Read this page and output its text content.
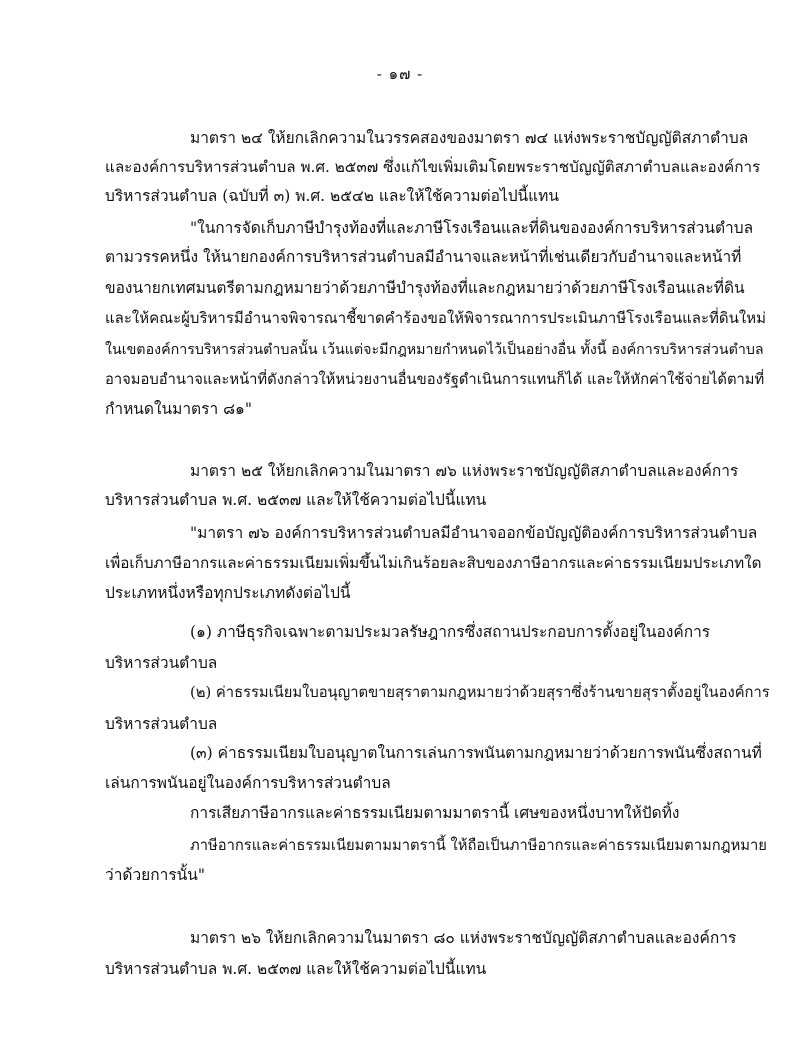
- ๑๗ -
มาตรา ๒๔ ให้ยกเลิกความในวรรคสองของมาตรา ๗๔ แห่งพระราชบัญญัติสภาตำบล
และองค์การบริหารส่วนตำบล พ.ศ. ๒๕๓๗ ซึ่งแก้ไขเพิ่มเติมโดยพระราชบัญญัติสภาตำบลและองค์การ
บริหารส่วนตำบล (ฉบับที่ ๓) พ.ศ. ๒๕๔๒ และให้ใช้ความต่อไปนี้แทน
"ในการจัดเก็บภาษีบำรุงท้องที่และภาษีโรงเรือนและที่ดินขององค์การบริหารส่วนตำบล
ตามวรรคหนึ่ง ให้นายกองค์การบริหารส่วนตำบลมีอำนาจและหน้าที่เช่นเดียวกับอำนาจและหน้าที่
ของนายกเทศมนตรีตามกฎหมายว่าด้วยภาษีบำรุงท้องที่และกฎหมายว่าด้วยภาษีโรงเรือนและที่ดิน
และให้คณะผู้บริหารมีอำนาจพิจารณาชี้ขาดคำร้องขอให้พิจารณาการประเมินภาษีโรงเรือนและที่ดินใหม่
ในเขตองค์การบริหารส่วนตำบลนั้น เว้นแต่จะมีกฎหมายกำหนดไว้เป็นอย่างอื่น ทั้งนี้ องค์การบริหารส่วนตำบล
อาจมอบอำนาจและหน้าที่ดังกล่าวให้หน่วยงานอื่นของรัฐดำเนินการแทนก็ได้ และให้หักค่าใช้จ่ายได้ตามที่
กำหนดในมาตรา ๘๑"
มาตรา ๒๕ ให้ยกเลิกความในมาตรา ๗๖ แห่งพระราชบัญญัติสภาตำบลและองค์การ
บริหารส่วนตำบล พ.ศ. ๒๕๓๗ และให้ใช้ความต่อไปนี้แทน
"มาตรา ๗๖ องค์การบริหารส่วนตำบลมีอำนาจออกข้อบัญญัติองค์การบริหารส่วนตำบล
เพื่อเก็บภาษีอากรและค่าธรรมเนียมเพิ่มขึ้นไม่เกินร้อยละสิบของภาษีอากรและค่าธรรมเนียมประเภทใด
ประเภทหนึ่งหรือทุกประเภทดังต่อไปนี้
(๑) ภาษีธุรกิจเฉพาะตามประมวลรัษฎากรซึ่งสถานประกอบการตั้งอยู่ในองค์การ
บริหารส่วนตำบล
(๒) ค่าธรรมเนียมใบอนุญาตขายสุราตามกฎหมายว่าด้วยสุราซึ่งร้านขายสุราตั้งอยู่ในองค์การ
บริหารส่วนตำบล
(๓) ค่าธรรมเนียมใบอนุญาตในการเล่นการพนันตามกฎหมายว่าด้วยการพนันซึ่งสถานที่
เล่นการพนันอยู่ในองค์การบริหารส่วนตำบล
การเสียภาษีอากรและค่าธรรมเนียมตามมาตรานี้ เศษของหนึ่งบาทให้ปัดทิ้ง
ภาษีอากรและค่าธรรมเนียมตามมาตรานี้ ให้ถือเป็นภาษีอากรและค่าธรรมเนียมตามกฎหมาย
ว่าด้วยการนั้น"
มาตรา ๒๖ ให้ยกเลิกความในมาตรา ๘๐ แห่งพระราชบัญญัติสภาตำบลและองค์การ
บริหารส่วนตำบล พ.ศ. ๒๕๓๗ และให้ใช้ความต่อไปนี้แทน
